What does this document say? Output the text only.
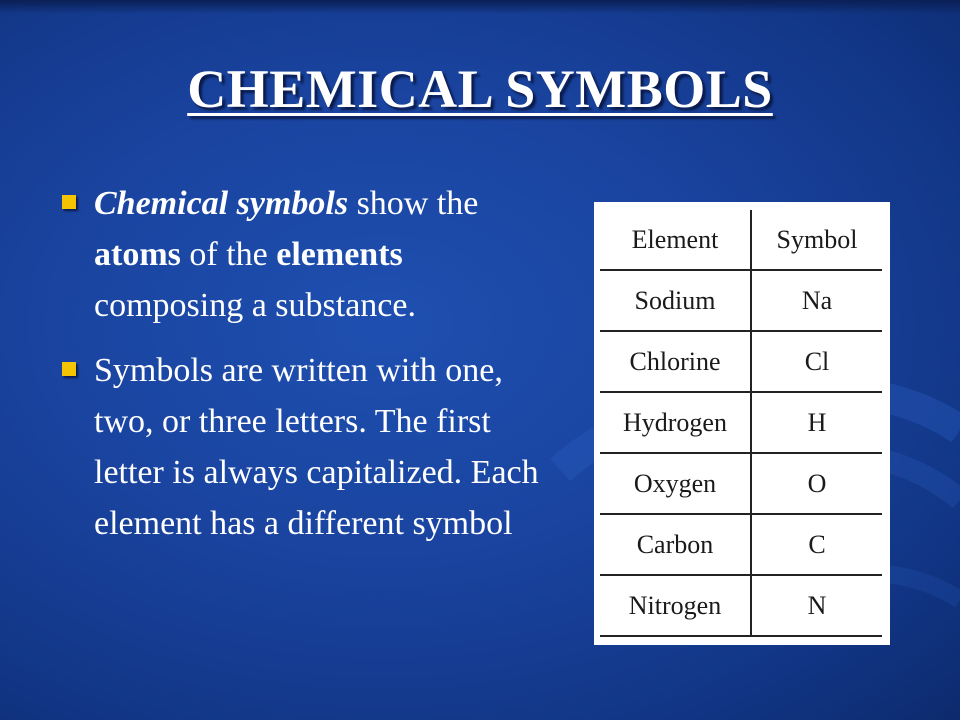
CHEMICAL SYMBOLS
Chemical symbols show the atoms of the elements composing a substance.
Symbols are written with one, two, or three letters. The first letter is always capitalized. Each element has a different symbol
Element	Symbol
Sodium	Na
Chlorine	Cl
Hydrogen	H
Oxygen	O
Carbon	C
Nitrogen	N
